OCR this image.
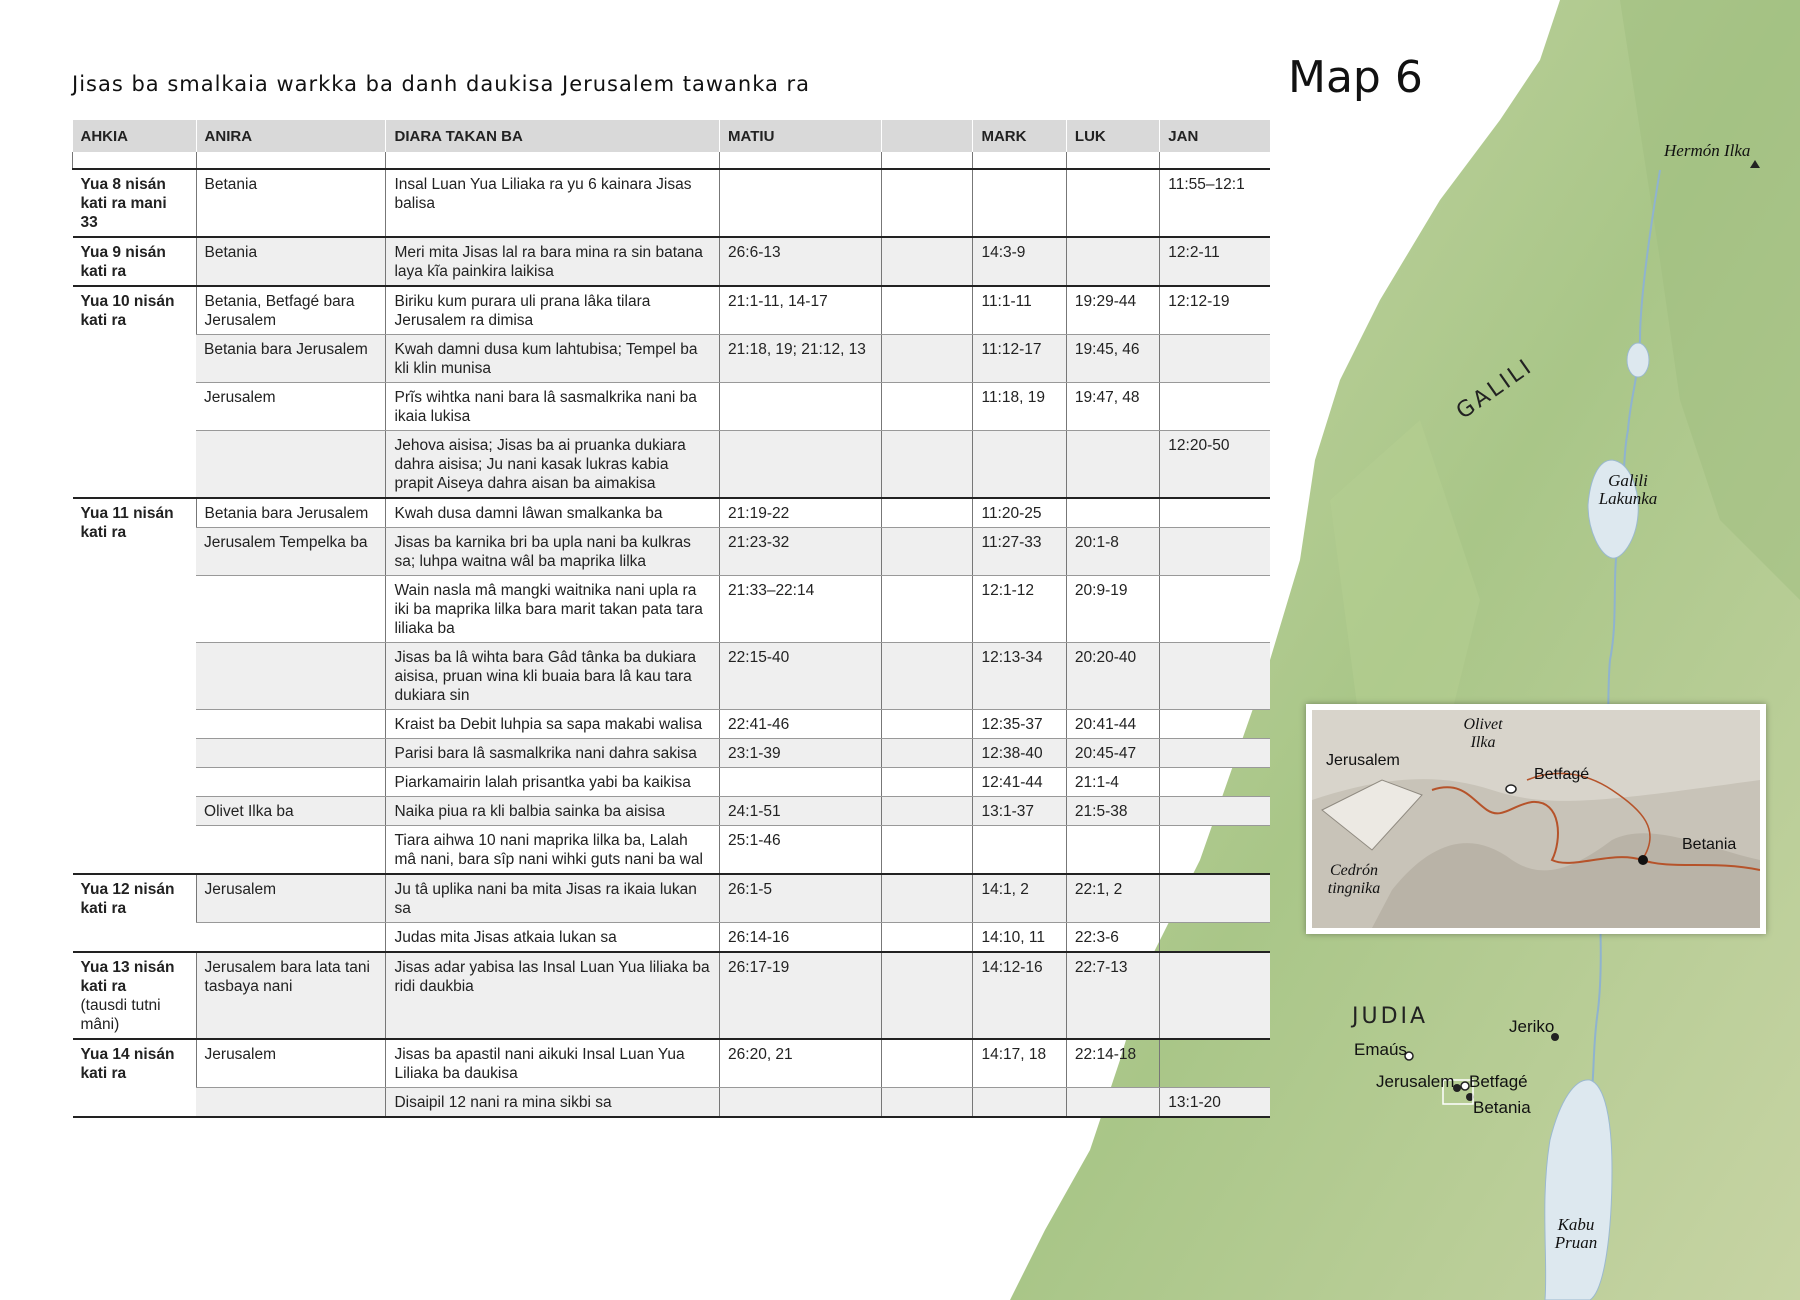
Jisas ba smalkaia warkka ba danh daukisa Jerusalem tawanka ra	Map 6
AHKIA	ANIRA	DIARA TAKAN BA	MATIU		MARK	LUK	JAN

Yua 8 nisán kati ra mani 33	Betania	Insal Luan Yua Liliaka ra yu 6 kainara Jisas balisa					11:55–12:1
Yua 9 nisán kati ra	Betania	Meri mita Jisas lal ra bara mina ra sin batana laya kĩa painkira laikisa	26:6-13		14:3-9		12:2-11
Yua 10 nisán kati ra	Betania, Betfagé bara Jerusalem	Biriku kum purara uli prana lâka tilara Jerusalem ra dimisa	21:1-11, 14-17		11:1-11	19:29-44	12:12-19
	Betania bara Jerusalem	Kwah damni dusa kum lahtubisa; Tempel ba kli klin munisa	21:18, 19; 21:12, 13		11:12-17	19:45, 46	
	Jerusalem	Prĩs wihtka nani bara lâ sasmalkrika nani ba ikaia lukisa			11:18, 19	19:47, 48	
		Jehova aisisa; Jisas ba ai pruanka dukiara dahra aisisa; Ju nani kasak lukras kabia prapit Aiseya dahra aisan ba aimakisa					12:20-50
Yua 11 nisán kati ra	Betania bara Jerusalem	Kwah dusa damni lâwan smalkanka ba	21:19-22		11:20-25		
	Jerusalem Tempelka ba	Jisas ba karnika bri ba upla nani ba kulkras sa; luhpa waitna wâl ba maprika lilka	21:23-32		11:27-33	20:1-8	
		Wain nasla mâ mangki waitnika nani upla ra iki ba maprika lilka bara marit takan pata tara liliaka ba	21:33–22:14		12:1-12	20:9-19	
		Jisas ba lâ wihta bara Gâd tânka ba dukiara aisisa, pruan wina kli buaia bara lâ kau tara dukiara sin	22:15-40		12:13-34	20:20-40	
		Kraist ba Debit luhpia sa sapa makabi walisa	22:41-46		12:35-37	20:41-44	
		Parisi bara lâ sasmalkrika nani dahra sakisa	23:1-39		12:38-40	20:45-47	
		Piarkamairin lalah prisantka yabi ba kaikisa			12:41-44	21:1-4	
	Olivet Ilka ba	Naika piua ra kli balbia sainka ba aisisa	24:1-51		13:1-37	21:5-38	
		Tiara aihwa 10 nani maprika lilka ba, Lalah mâ nani, bara sîp nani wihki guts nani ba wal	25:1-46				
Yua 12 nisán kati ra	Jerusalem	Ju tâ uplika nani ba mita Jisas ra ikaia lukan sa	26:1-5		14:1, 2	22:1, 2	
		Judas mita Jisas atkaia lukan sa	26:14-16		14:10, 11	22:3-6	
Yua 13 nisán kati ra
(tausdi tutni mâni)	Jerusalem bara lata tani tasbaya nani	Jisas adar yabisa las Insal Luan Yua liliaka ba ridi daukbia	26:17-19		14:12-16	22:7-13	
Yua 14 nisán kati ra	Jerusalem	Jisas ba apastil nani aikuki Insal Luan Yua Liliaka ba daukisa	26:20, 21		14:17, 18	22:14-18	
		Disaipil 12 nani ra mina sikbi sa					13:1-20
Hermón Ilka
GALILI
Galili Lakunka
JUDIA	Jeriko
Emaús
Jerusalem Betfagé
Betania
Kabu Pruan
Jerusalem
Olivet Ilka
Betfagé
Betania
Cedrón tingnika
